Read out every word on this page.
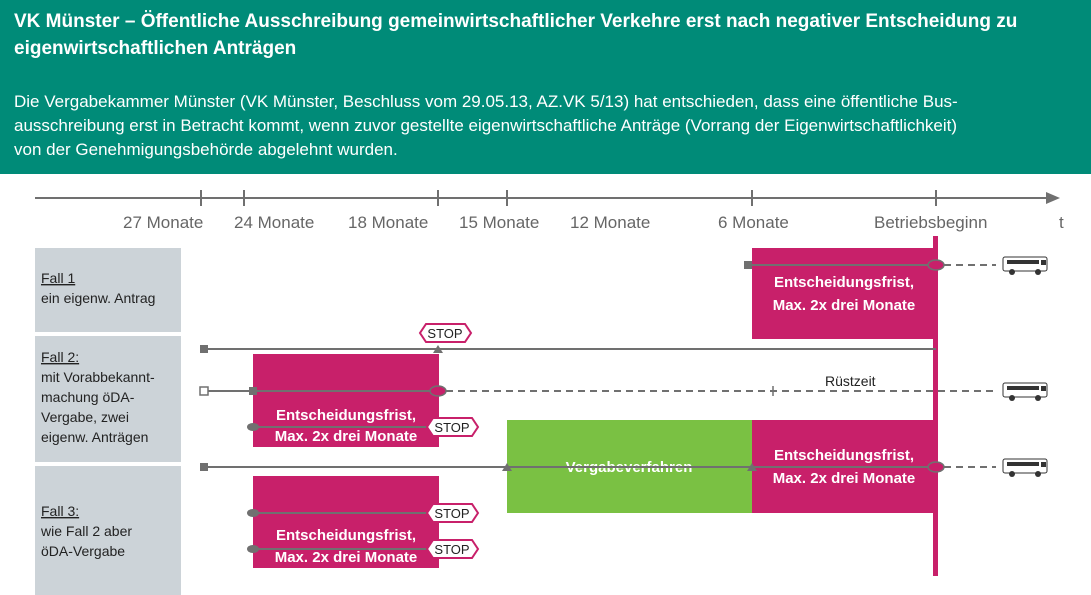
VK Münster – Öffentliche Ausschreibung gemeinwirtschaftlicher Verkehre erst nach negativer Entscheidung zu
eigenwirtschaftlichen Anträgen
Die Vergabekammer Münster (VK Münster, Beschluss vom 29.05.13, AZ.VK 5/13) hat entschieden, dass eine öffentliche Bus-
ausschreibung erst in Betracht kommt, wenn zuvor gestellte eigenwirtschaftliche Anträge (Vorrang der Eigenwirtschaftlichkeit)
von der Genehmigungsbehörde abgelehnt wurden.
27 Monate 24 Monate 18 Monate 15 Monate 12 Monate	6 Monate	Betriebsbeginn	t
Fall 1
ein eigenw. Antrag
Fall 2:
mit Vorabbekannt-
machung öDA-
Vergabe, zwei
eigenw. Anträgen
Fall 3:
wie Fall 2 aber
öDA-Vergabe
Entscheidungsfrist,
Max. 2x drei Monate
Entscheidungsfrist,
Max. 2x drei Monate
Entscheidungsfrist,
Max. 2x drei Monate
Entscheidungsfrist,
Max. 2x drei Monate
Vergabeverfahren
Rüstzeit
STOP
STOP
STOP
STOP
